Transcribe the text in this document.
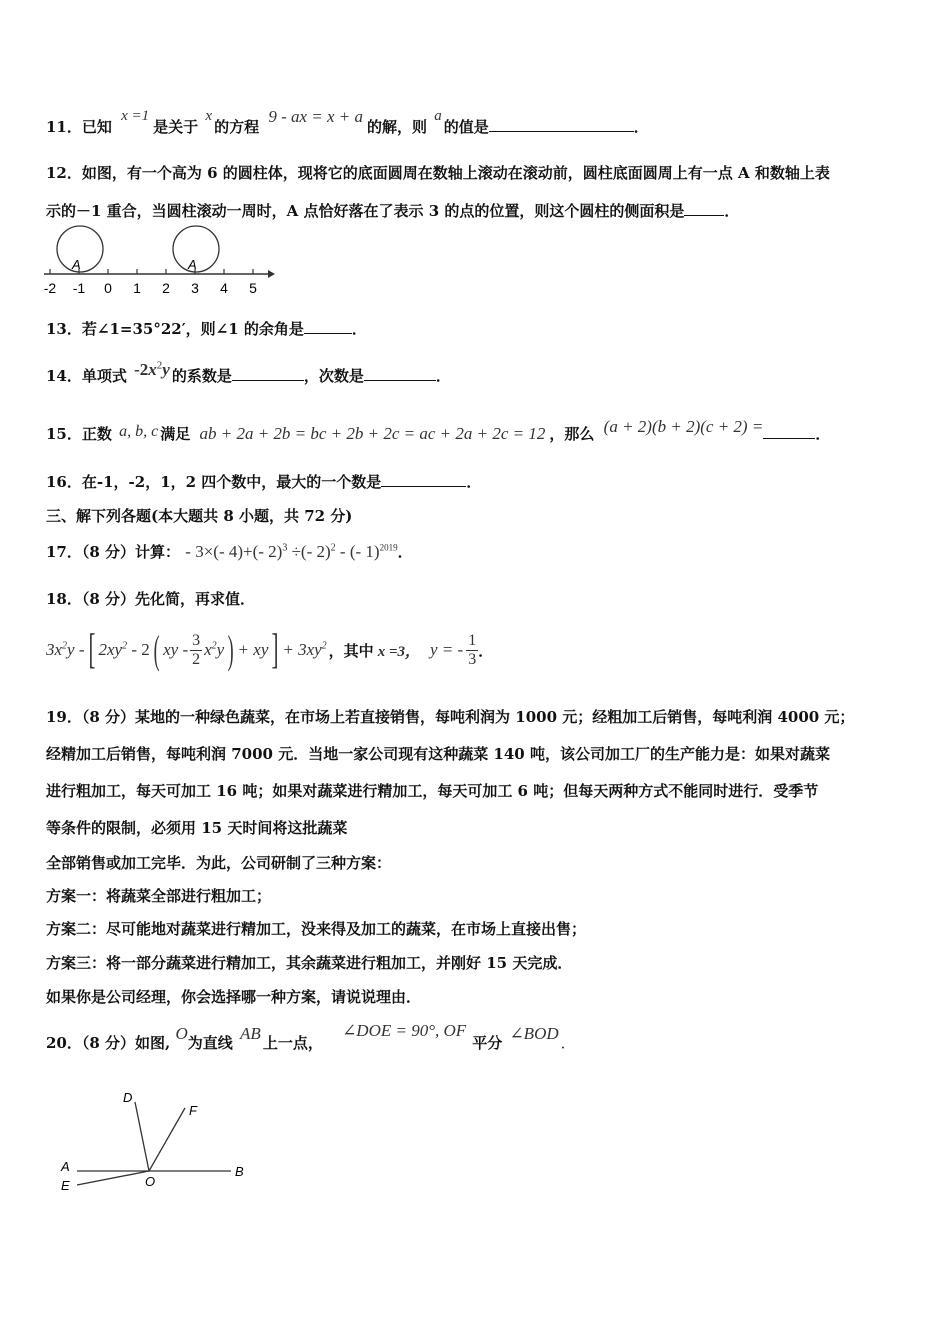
11．已知 x =1是关于 x的方程 9 - ax = x + a的解，则 a的值是	．
12．如图，有一个高为 6 的圆柱体，现将它的底面圆周在数轴上滚动在滚动前，圆柱底面圆周上有一点 A 和数轴上表
示的－1 重合，当圆柱滚动一周时，A 点恰好落在了表示 3 的点的位置，则这个圆柱的侧面积是	．
-2 -1 0 1 2 3 4 5
A	A
13．若∠1=35°22′，则∠1 的余角是	．
14．单项式 $-2x^2y$ 的系数是	，次数是	．
15．正数 a, b, c 满足 ab + 2a + 2b = bc + 2b + 2c = ac + 2a + 2c = 12 ，那么 (a + 2)(b + 2)(c + 2) =	．
16．在-1，-2，1，2 四个数中，最大的一个数是	．
三、解下列各题(本大题共 8 小题，共 72 分)
17．（8 分）计算： - 3×(- 4)+(- 2)$^3$ ÷(- 2)$^2$ - (- 1)$^{2019}$．
18．（8 分）先化简，再求值．
$3x^2y$ - [ $2xy^2 - 2$ ( xy - $\frac{3}{2} x^2y$ ) + xy ] + $3xy^2$ ，其中 x =3， y = - $\frac{1}{3}$ ．
19．（8 分）某地的一种绿色蔬菜，在市场上若直接销售，每吨利润为 1000 元；经粗加工后销售，每吨利润 4000 元；
经精加工后销售，每吨利润 7000 元．当地一家公司现有这种蔬菜 140 吨，该公司加工厂的生产能力是：如果对蔬菜
进行粗加工，每天可加工 16 吨；如果对蔬菜进行精加工，每天可加工 6 吨；但每天两种方式不能同时进行．受季节
等条件的限制，必须用 15 天时间将这批蔬菜
全部销售或加工完毕．为此，公司研制了三种方案：
方案一：将蔬菜全部进行粗加工；
方案二：尽可能地对蔬菜进行精加工，没来得及加工的蔬菜，在市场上直接出售；
方案三：将一部分蔬菜进行精加工，其余蔬菜进行粗加工，并刚好 15 天完成．
如果你是公司经理，你会选择哪一种方案，请说说理由．
20．（8 分）如图, O为直线 AB 上一点， ∠DOE = 90°, OF平分 ∠BOD．
D
F
A
E	O
B
